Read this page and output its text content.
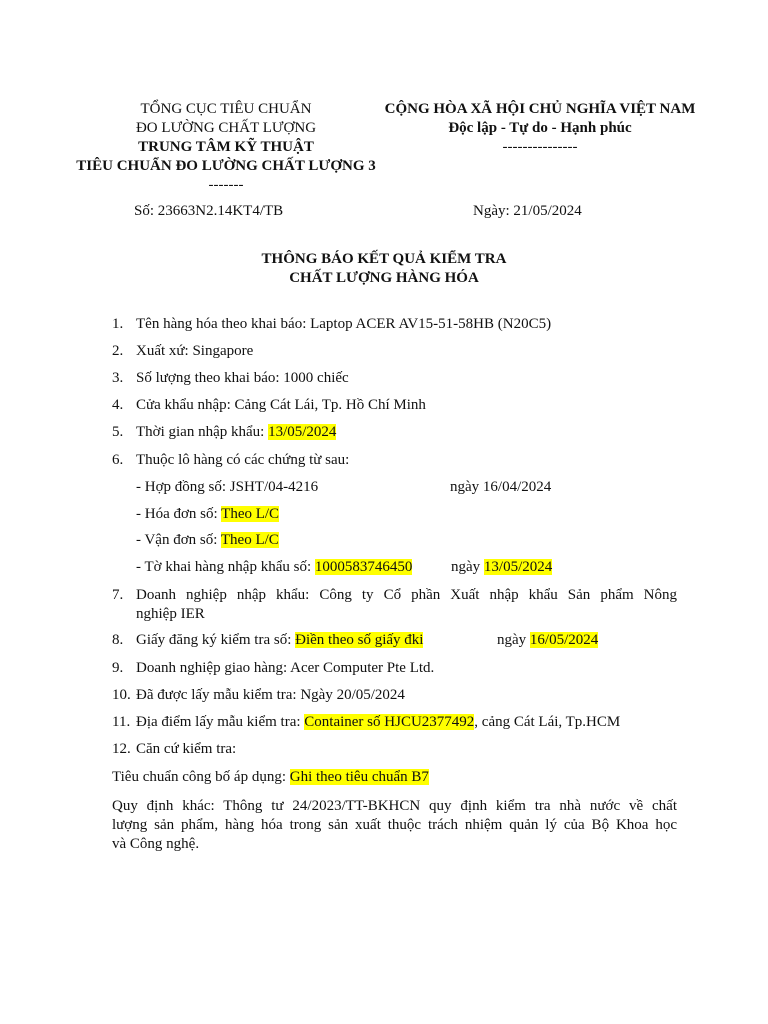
TỔNG CỤC TIÊU CHUẨN
ĐO LƯỜNG CHẤT LƯỢNG
TRUNG TÂM KỸ THUẬT
TIÊU CHUẨN ĐO LƯỜNG CHẤT LƯỢNG 3
-------
CỘNG HÒA XÃ HỘI CHỦ NGHĨA VIỆT NAM
Độc lập - Tự do - Hạnh phúc
---------------
Số: 23663N2.14KT4/TB	Ngày: 21/05/2024
THÔNG BÁO KẾT QUẢ KIỂM TRA
CHẤT LƯỢNG HÀNG HÓA
1. Tên hàng hóa theo khai báo: Laptop ACER AV15-51-58HB (N20C5)
2. Xuất xứ: Singapore
3. Số lượng theo khai báo: 1000 chiếc
4. Cửa khẩu nhập: Cảng Cát Lái, Tp. Hồ Chí Minh
5. Thời gian nhập khẩu: 13/05/2024
6. Thuộc lô hàng có các chứng từ sau:
- Hợp đồng số: JSHT/04-4216	ngày 16/04/2024
- Hóa đơn số: Theo L/C
- Vận đơn số: Theo L/C
- Tờ khai hàng nhập khẩu số: 1000583746450	ngày 13/05/2024
7. Doanh nghiệp nhập khẩu: Công ty Cổ phần Xuất nhập khẩu Sản phẩm Nông
nghiệp IER
8. Giấy đăng ký kiểm tra số: Điền theo số giấy đki	ngày 16/05/2024
9. Doanh nghiệp giao hàng: Acer Computer Pte Ltd.
10. Đã được lấy mẫu kiểm tra: Ngày 20/05/2024
11. Địa điểm lấy mẫu kiểm tra: Container số HJCU2377492, cảng Cát Lái, Tp.HCM
12. Căn cứ kiểm tra:
Tiêu chuẩn công bố áp dụng: Ghi theo tiêu chuẩn B7
Quy định khác: Thông tư 24/2023/TT-BKHCN quy định kiểm tra nhà nước về chất
lượng sản phẩm, hàng hóa trong sản xuất thuộc trách nhiệm quản lý của Bộ Khoa học
và Công nghệ.
